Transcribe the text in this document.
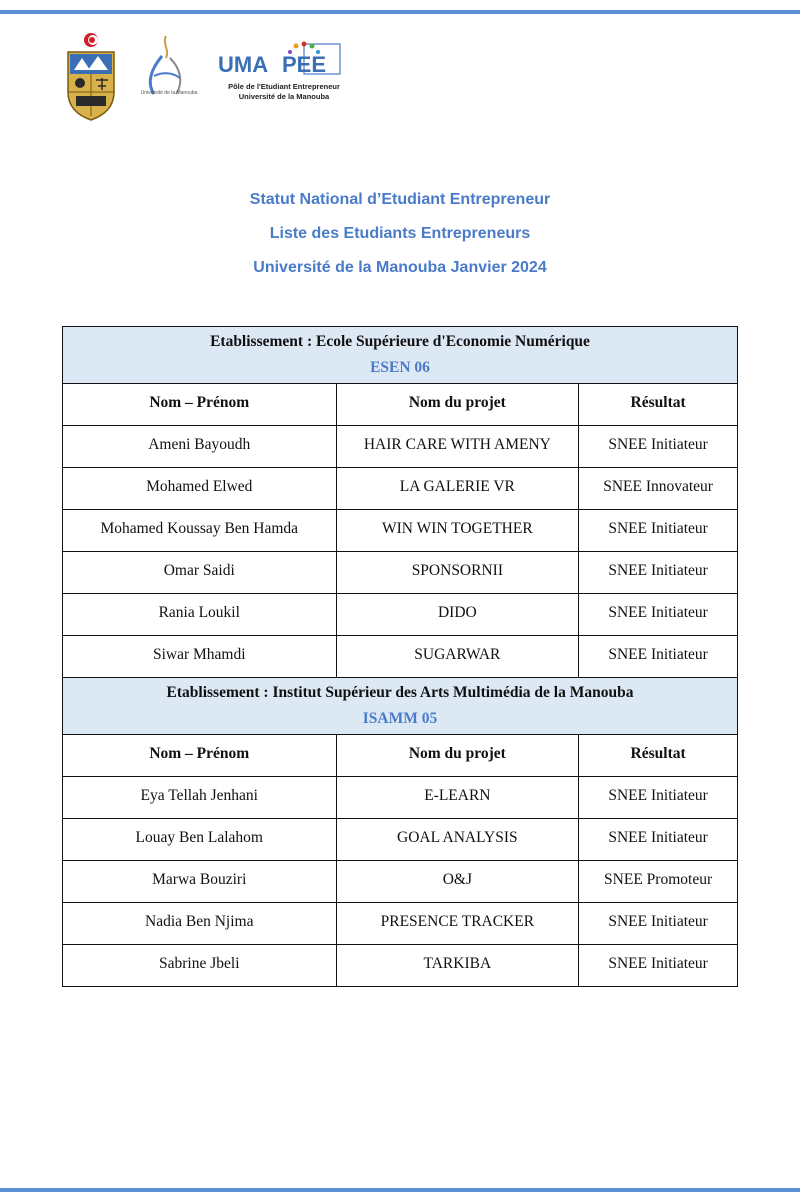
Université de la Manouba
UMA PEE
Pôle de l'Etudiant Entrepreneur
Université de la Manouba
Statut National d’Etudiant Entrepreneur
Liste des Etudiants Entrepreneurs
Université de la Manouba Janvier 2024
Etablissement : Ecole Supérieure d'Economie Numérique
ESEN 06		

Nom – Prénom	Nom du projet	Résultat
Ameni Bayoudh	HAIR CARE WITH AMENY	SNEE Initiateur
Mohamed Elwed	LA GALERIE VR	SNEE Innovateur
Mohamed Koussay Ben Hamda	WIN WIN TOGETHER	SNEE Initiateur
Omar Saidi	SPONSORNII	SNEE Initiateur
Rania Loukil	DIDO	SNEE Initiateur
Siwar Mhamdi	SUGARWAR	SNEE Initiateur

Etablissement : Institut Supérieur des Arts Multimédia de la Manouba
ISAMM 05		

Nom – Prénom	Nom du projet	Résultat
Eya Tellah Jenhani	E-LEARN	SNEE Initiateur
Louay Ben Lalahom	GOAL ANALYSIS	SNEE Initiateur
Marwa Bouziri	O&J	SNEE Promoteur
Nadia Ben Njima	PRESENCE TRACKER	SNEE Initiateur
Sabrine Jbeli	TARKIBA	SNEE Initiateur
